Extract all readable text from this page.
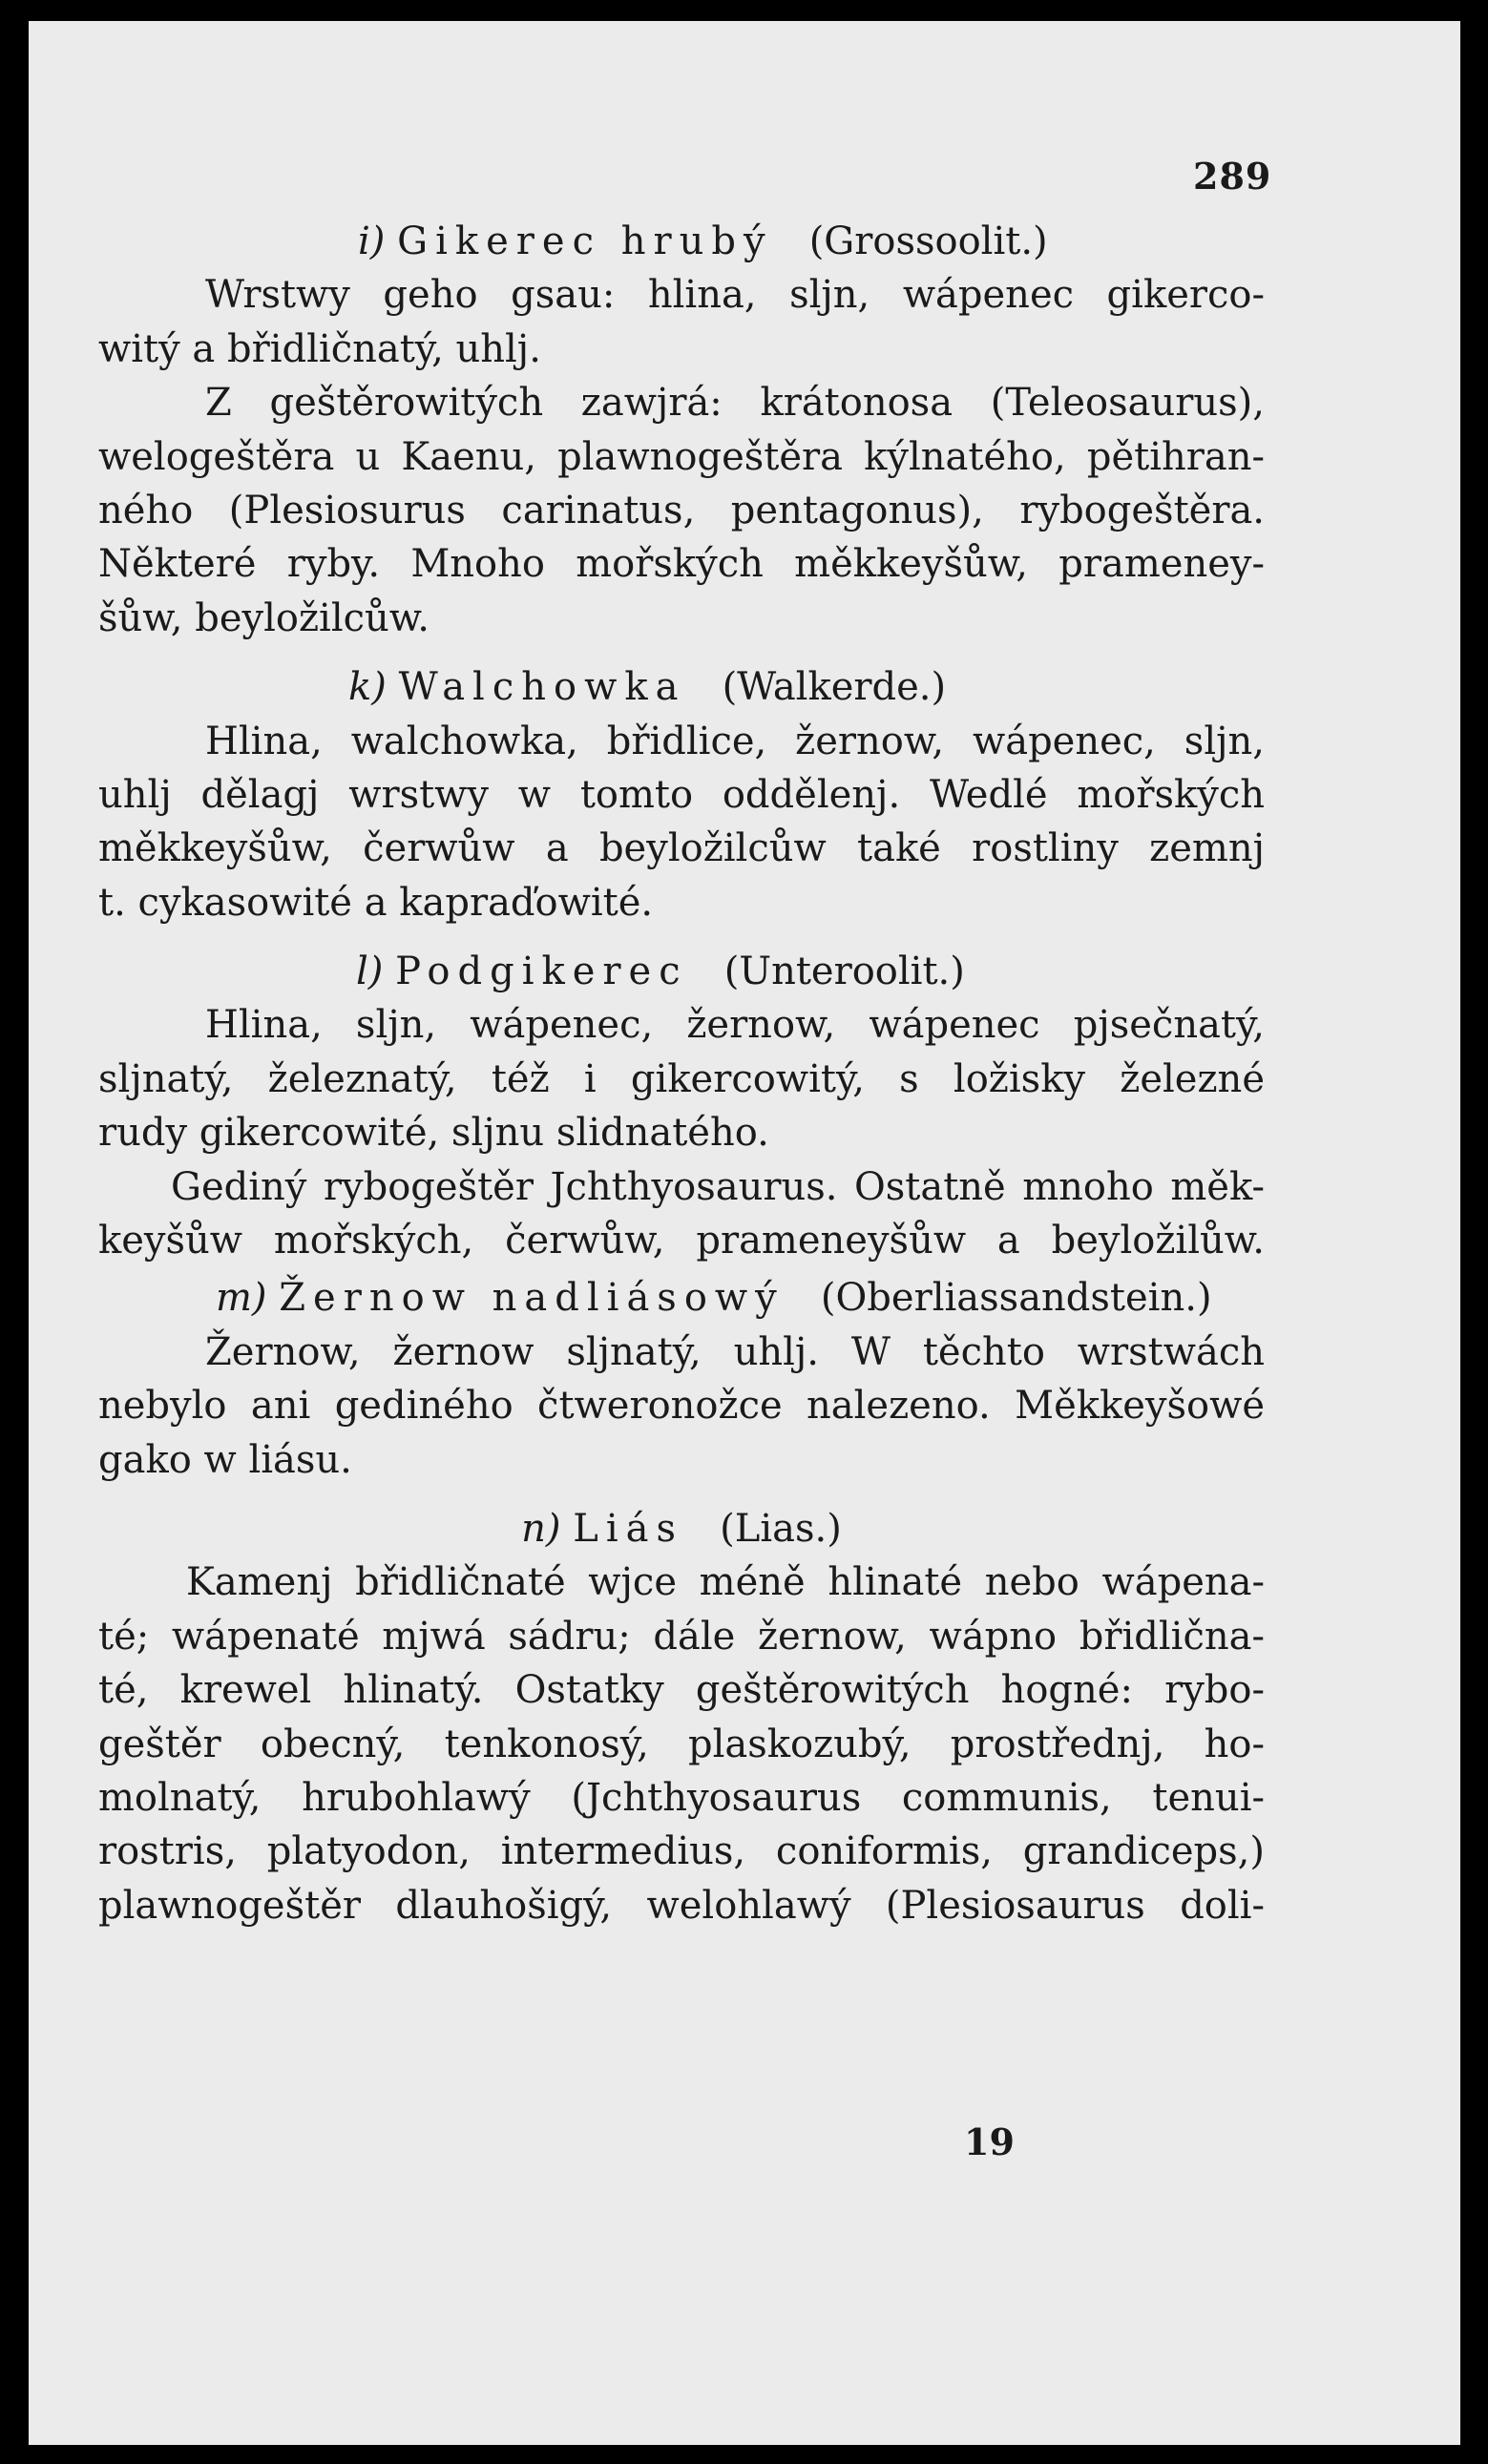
289
i) Gikerec hrubý (Grossoolit.)
Wrstwy geho gsau: hlina, sljn, wápenec gikerco-
witý a břidličnatý, uhlj.
Z geštěrowitých zawjrá: krátonosa (Teleosaurus),
welogeštěra u Kaenu, plawnogeštěra kýlnatého, pětihran-
ného (Plesiosurus carinatus, pentagonus), rybogeštěra.
Některé ryby. Mnoho mořských měkkeyšůw, prameney-
šůw, beyložilcůw.
k) Walchowka (Walkerde.)
Hlina, walchowka, břidlice, žernow, wápenec, sljn,
uhlj dělagj wrstwy w tomto oddělenj. Wedlé mořských
měkkeyšůw, čerwůw a beyložilcůw také rostliny zemnj
t. cykasowité a kapraďowité.
l) Podgikerec (Unteroolit.)
Hlina, sljn, wápenec, žernow, wápenec pjsečnatý,
sljnatý, železnatý, též i gikercowitý, s ložisky železné
rudy gikercowité, sljnu slidnatého.
Gediný rybogeštěr Jchthyosaurus. Ostatně mnoho měk-
keyšůw mořských, čerwůw, prameneyšůw a beyložilůw.
m) Žernow nadliásowý (Oberliassandstein.)
Žernow, žernow sljnatý, uhlj. W těchto wrstwách
nebylo ani gediného čtweronožce nalezeno. Měkkeyšowé
gako w liásu.
n) Liás (Lias.)
Kamenj břidličnaté wjce méně hlinaté nebo wápena-
té; wápenaté mjwá sádru; dále žernow, wápno břidlična-
té, krewel hlinatý. Ostatky geštěrowitých hogné: rybo-
geštěr obecný, tenkonosý, plaskozubý, prostřednj, ho-
molnatý, hrubohlawý (Jchthyosaurus communis, tenui-
rostris, platyodon, intermedius, coniformis, grandiceps,)
plawnogeštěr dlauhošigý, welohlawý (Plesiosaurus doli-
19
